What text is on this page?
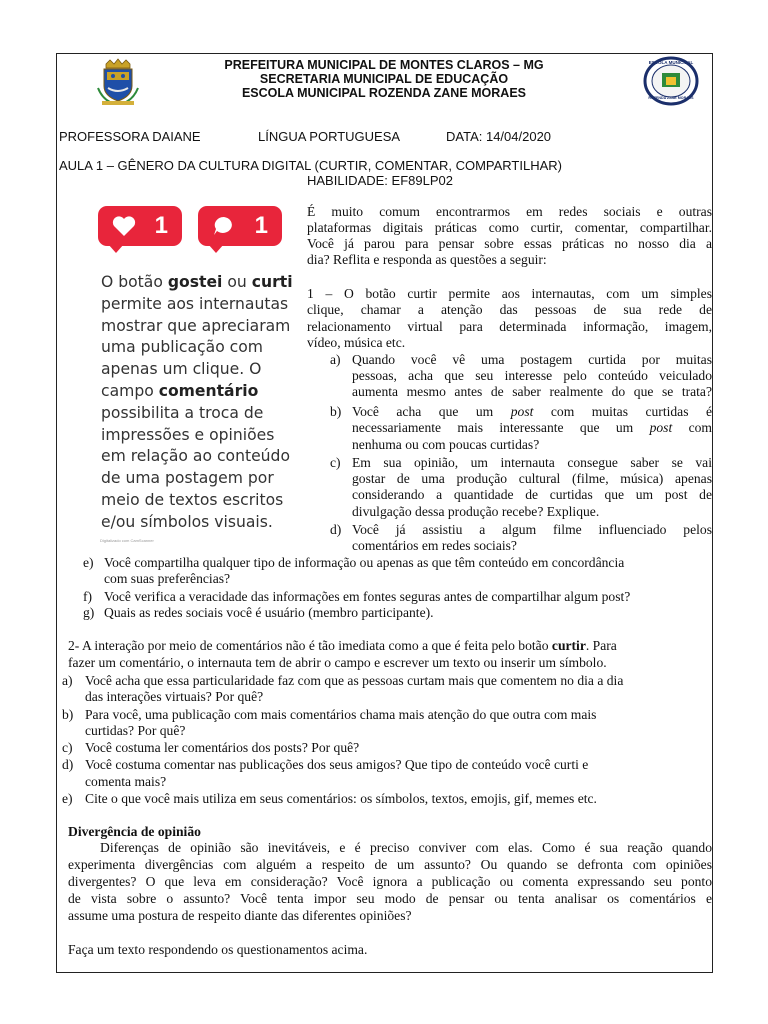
PREFEITURA MUNICIPAL DE MONTES CLAROS – MG
SECRETARIA MUNICIPAL DE EDUCAÇÃO
ESCOLA MUNICIPAL ROZENDA ZANE MORAES
ESCOLA MUNICIPAL
ROZENDA ZANE MORAES
PROFESSORA DAIANE	LÍNGUA PORTUGUESA	DATA: 14/04/2020
AULA 1 – GÊNERO DA CULTURA DIGITAL (CURTIR, COMENTAR, COMPARTILHAR)
HABILIDADE: EF89LP02
1	1
O botão gostei ou curti permite aos internautas mostrar que apreciaram uma publicação com apenas um clique. O campo comentário possibilita a troca de impressões e opiniões em relação ao conteúdo de uma postagem por meio de textos escritos e/ou símbolos visuais.
Digitalizado com CamScanner
É muito comum encontrarmos em redes sociais e outras
plataformas digitais práticas como curtir, comentar, compartilhar.
Você já parou para pensar sobre essas práticas no nosso dia a
dia? Reflita e responda as questões a seguir:
1 – O botão curtir permite aos internautas, com um simples
clique, chamar a atenção das pessoas de sua rede de
relacionamento virtual para determinada informação, imagem,
vídeo, música etc.
a) Quando você vê uma postagem curtida por muitas
pessoas, acha que seu interesse pelo conteúdo veiculado
aumenta mesmo antes de saber realmente do que se trata?
b) Você acha que um post com muitas curtidas é
necessariamente mais interessante que um post com
nenhuma ou com poucas curtidas?
c) Em sua opinião, um internauta consegue saber se vai
gostar de uma produção cultural (filme, música) apenas
considerando a quantidade de curtidas que um post de
divulgação dessa produção recebe? Explique.
d) Você já assistiu a algum filme influenciado pelos
comentários em redes sociais?
e) Você compartilha qualquer tipo de informação ou apenas as que têm conteúdo em concordância
com suas preferências?
f) Você verifica a veracidade das informações em fontes seguras antes de compartilhar algum post?
g) Quais as redes sociais você é usuário (membro participante).
2- A interação por meio de comentários não é tão imediata como a que é feita pelo botão curtir. Para
fazer um comentário, o internauta tem de abrir o campo e escrever um texto ou inserir um símbolo.
a) Você acha que essa particularidade faz com que as pessoas curtam mais que comentem no dia a dia
das interações virtuais? Por quê?
b) Para você, uma publicação com mais comentários chama mais atenção do que outra com mais
curtidas? Por quê?
c) Você costuma ler comentários dos posts? Por quê?
d) Você costuma comentar nas publicações dos seus amigos? Que tipo de conteúdo você curti e
comenta mais?
e) Cite o que você mais utiliza em seus comentários: os símbolos, textos, emojis, gif, memes etc.
Divergência de opinião
Diferenças de opinião são inevitáveis, e é preciso conviver com elas. Como é sua reação quando
experimenta divergências com alguém a respeito de um assunto? Ou quando se defronta com opiniões
divergentes? O que leva em consideração? Você ignora a publicação ou comenta expressando seu ponto
de vista sobre o assunto? Você tenta impor seu modo de pensar ou tenta analisar os comentários e
assume uma postura de respeito diante das diferentes opiniões?
Faça um texto respondendo os questionamentos acima.
